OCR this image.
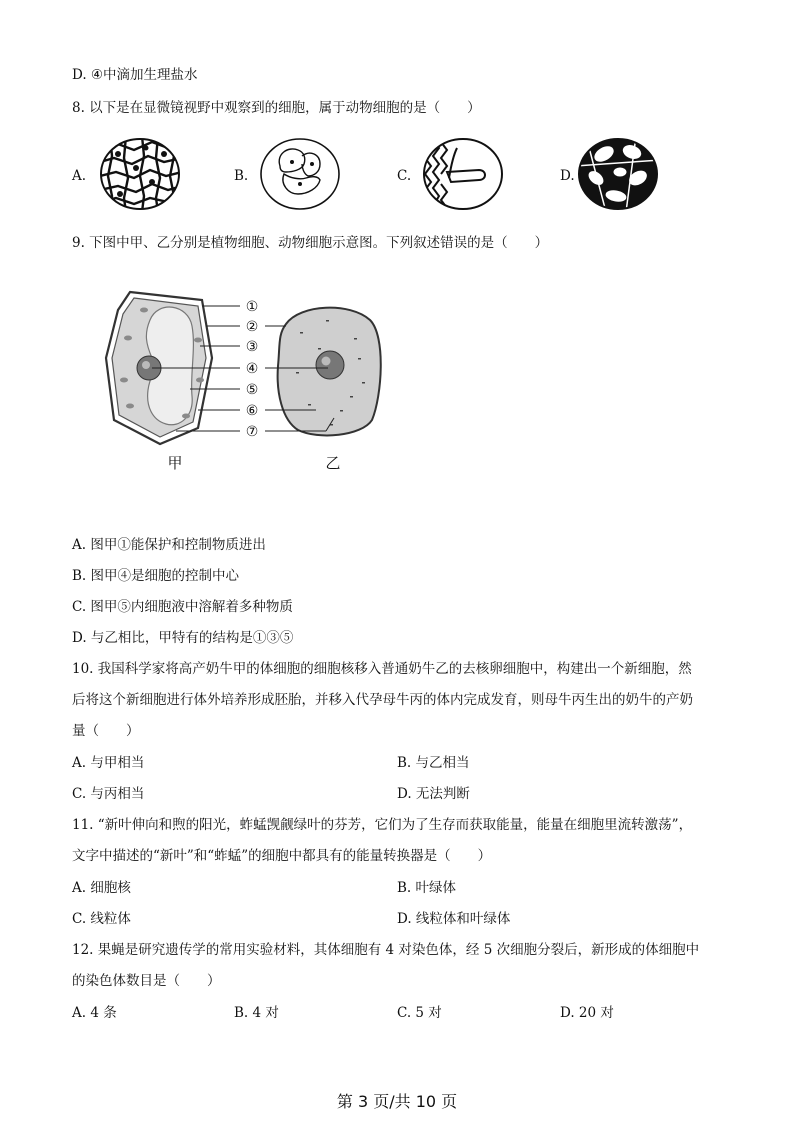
D. ④中滴加生理盐水
8. 以下是在显微镜视野中观察到的细胞，属于动物细胞的是（　　）
A.	B.	C.	D.
9. 下图中甲、乙分别是植物细胞、动物细胞示意图。下列叙述错误的是（　　）
①
②
③
④
⑤
⑥
⑦
甲	乙
A. 图甲①能保护和控制物质进出
B. 图甲④是细胞的控制中心
C. 图甲⑤内细胞液中溶解着多种物质
D. 与乙相比，甲特有的结构是①③⑤
10. 我国科学家将高产奶牛甲的体细胞的细胞核移入普通奶牛乙的去核卵细胞中，构建出一个新细胞，然
后将这个新细胞进行体外培养形成胚胎，并移入代孕母牛丙的体内完成发育，则母牛丙生出的奶牛的产奶
量（　　）
A. 与甲相当	B. 与乙相当
C. 与丙相当	D. 无法判断
11. “新叶伸向和煦的阳光，蚱蜢觊觎绿叶的芬芳，它们为了生存而获取能量，能量在细胞里流转激荡”，
文字中描述的“新叶”和“蚱蜢”的细胞中都具有的能量转换器是（　　）
A. 细胞核	B. 叶绿体
C. 线粒体	D. 线粒体和叶绿体
12. 果蝇是研究遗传学的常用实验材料，其体细胞有 4 对染色体，经 5 次细胞分裂后，新形成的体细胞中
的染色体数目是（　　）
A. 4 条	B. 4 对	C. 5 对	D. 20 对
第 3 页/共 10 页
